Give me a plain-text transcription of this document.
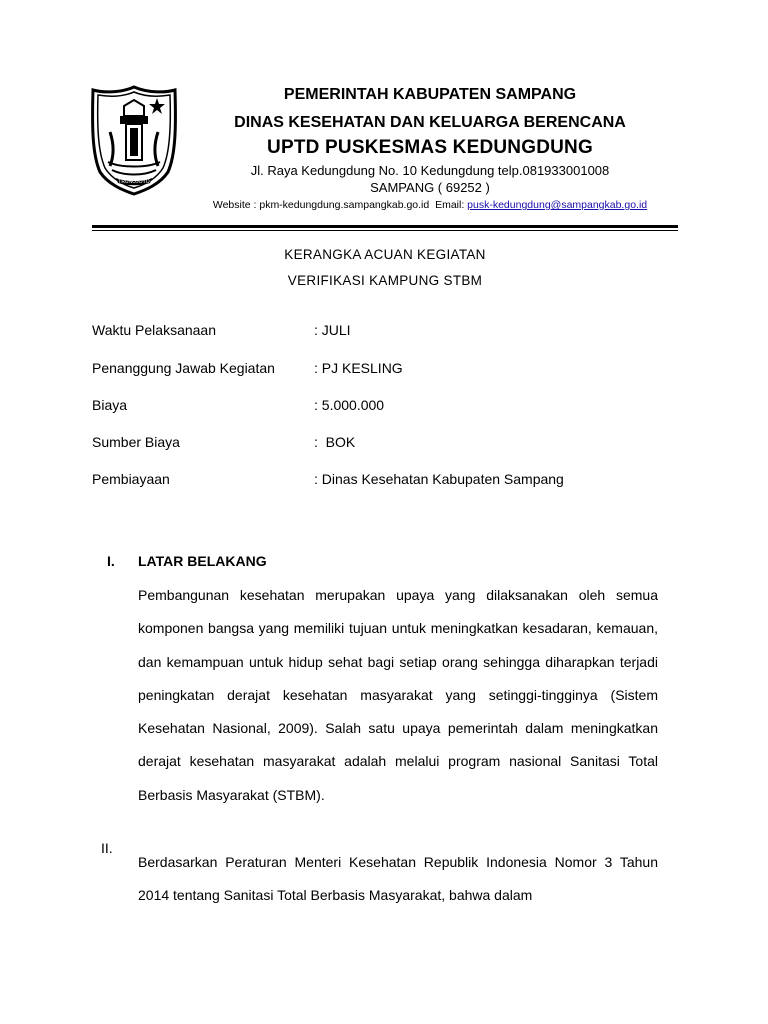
TRUNOJOYO
PEMERINTAH KABUPATEN SAMPANG
DINAS KESEHATAN DAN KELUARGA BERENCANA
UPTD PUSKESMAS KEDUNGDUNG
Jl. Raya Kedungdung No. 10 Kedungdung telp.081933001008
SAMPANG ( 69252 )
Website : pkm-kedungdung.sampangkab.go.id Email: pusk-kedungdung@sampangkab.go.id
KERANGKA ACUAN KEGIATAN
VERIFIKASI KAMPUNG STBM
Waktu Pelaksanaan	: JULI
Penanggung Jawab Kegiatan	: PJ KESLING
Biaya	: 5.000.000
Sumber Biaya	:  BOK
Pembiayaan	: Dinas Kesehatan Kabupaten Sampang
I. LATAR BELAKANG
Pembangunan kesehatan merupakan upaya yang dilaksanakan oleh semua komponen bangsa yang memiliki tujuan untuk meningkatkan kesadaran, kemauan, dan kemampuan untuk hidup sehat bagi setiap orang sehingga diharapkan terjadi peningkatan derajat kesehatan masyarakat yang setinggi-tingginya (Sistem Kesehatan Nasional, 2009). Salah satu upaya pemerintah dalam meningkatkan derajat kesehatan masyarakat adalah melalui program nasional Sanitasi Total Berbasis Masyarakat (STBM).
II.
Berdasarkan Peraturan Menteri Kesehatan Republik Indonesia Nomor 3 Tahun 2014 tentang Sanitasi Total Berbasis Masyarakat, bahwa dalam
